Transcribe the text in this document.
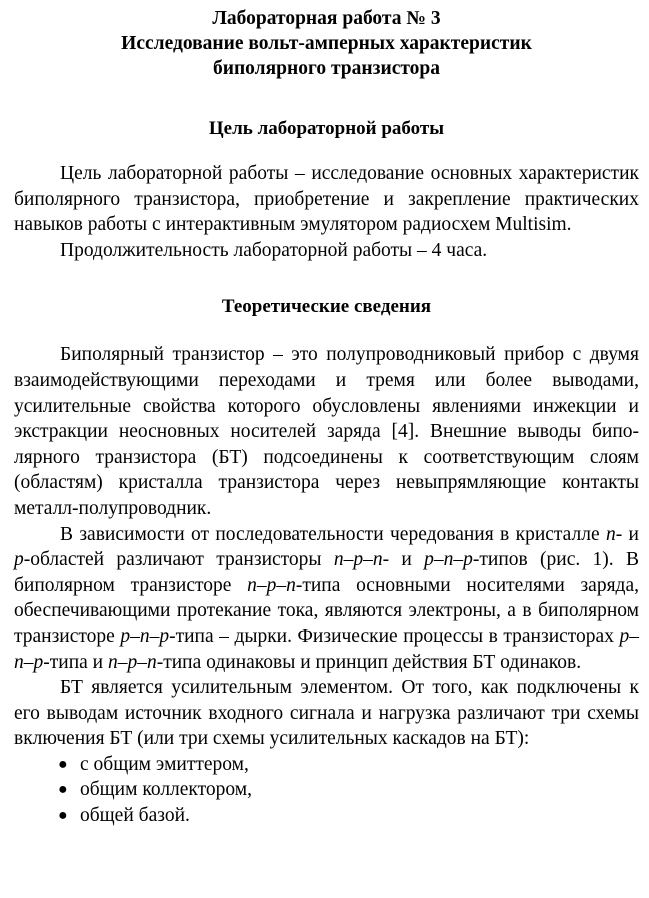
Лабораторная работа № 3
Исследование вольт-амперных характеристик
биполярного транзистора
Цель лабораторной работы

Цель лабораторной работы – исследование основных характеристик биполярного транзистора, приобретение и закрепление практических навыков работы с интерактивным эмулятором радиосхем Multisim.

Продолжительность лабораторной работы – 4 часа.

Теоретические сведения

Биполярный транзистор – это полупроводниковый прибор с двумя взаимодействующими переходами и тремя или более выводами, усилительные свойства которого обусловлены явлениями инжекции и экстракции неосновных носителей заряда [4]. Внешние выводы биполярного транзистора (БТ) подсоединены к соответствующим слоям (областям) кристалла транзистора через невыпрямляющие контакты металл-полупроводник.

В зависимости от последовательности чередования в кристалле n- и p-областей различают транзисторы n–p–n- и p–n–p-типов (рис. 1). В биполярном транзисторе n–p–n-типа основными носителями заряда, обеспечивающими протекание тока, являются электроны, а в биполярном транзисторе p–n–p-типа – дырки. Физические процессы в транзисторах p–n–p-типа и n–p–n-типа одинаковы и принцип действия БТ одинаков.

БТ является усилительным элементом. От того, как подключены к его выводам источник входного сигнала и нагрузка различают три схемы включения БТ (или три схемы усилительных каскадов на БТ):

● с общим эмиттером,
● общим коллектором,
● общей базой.
